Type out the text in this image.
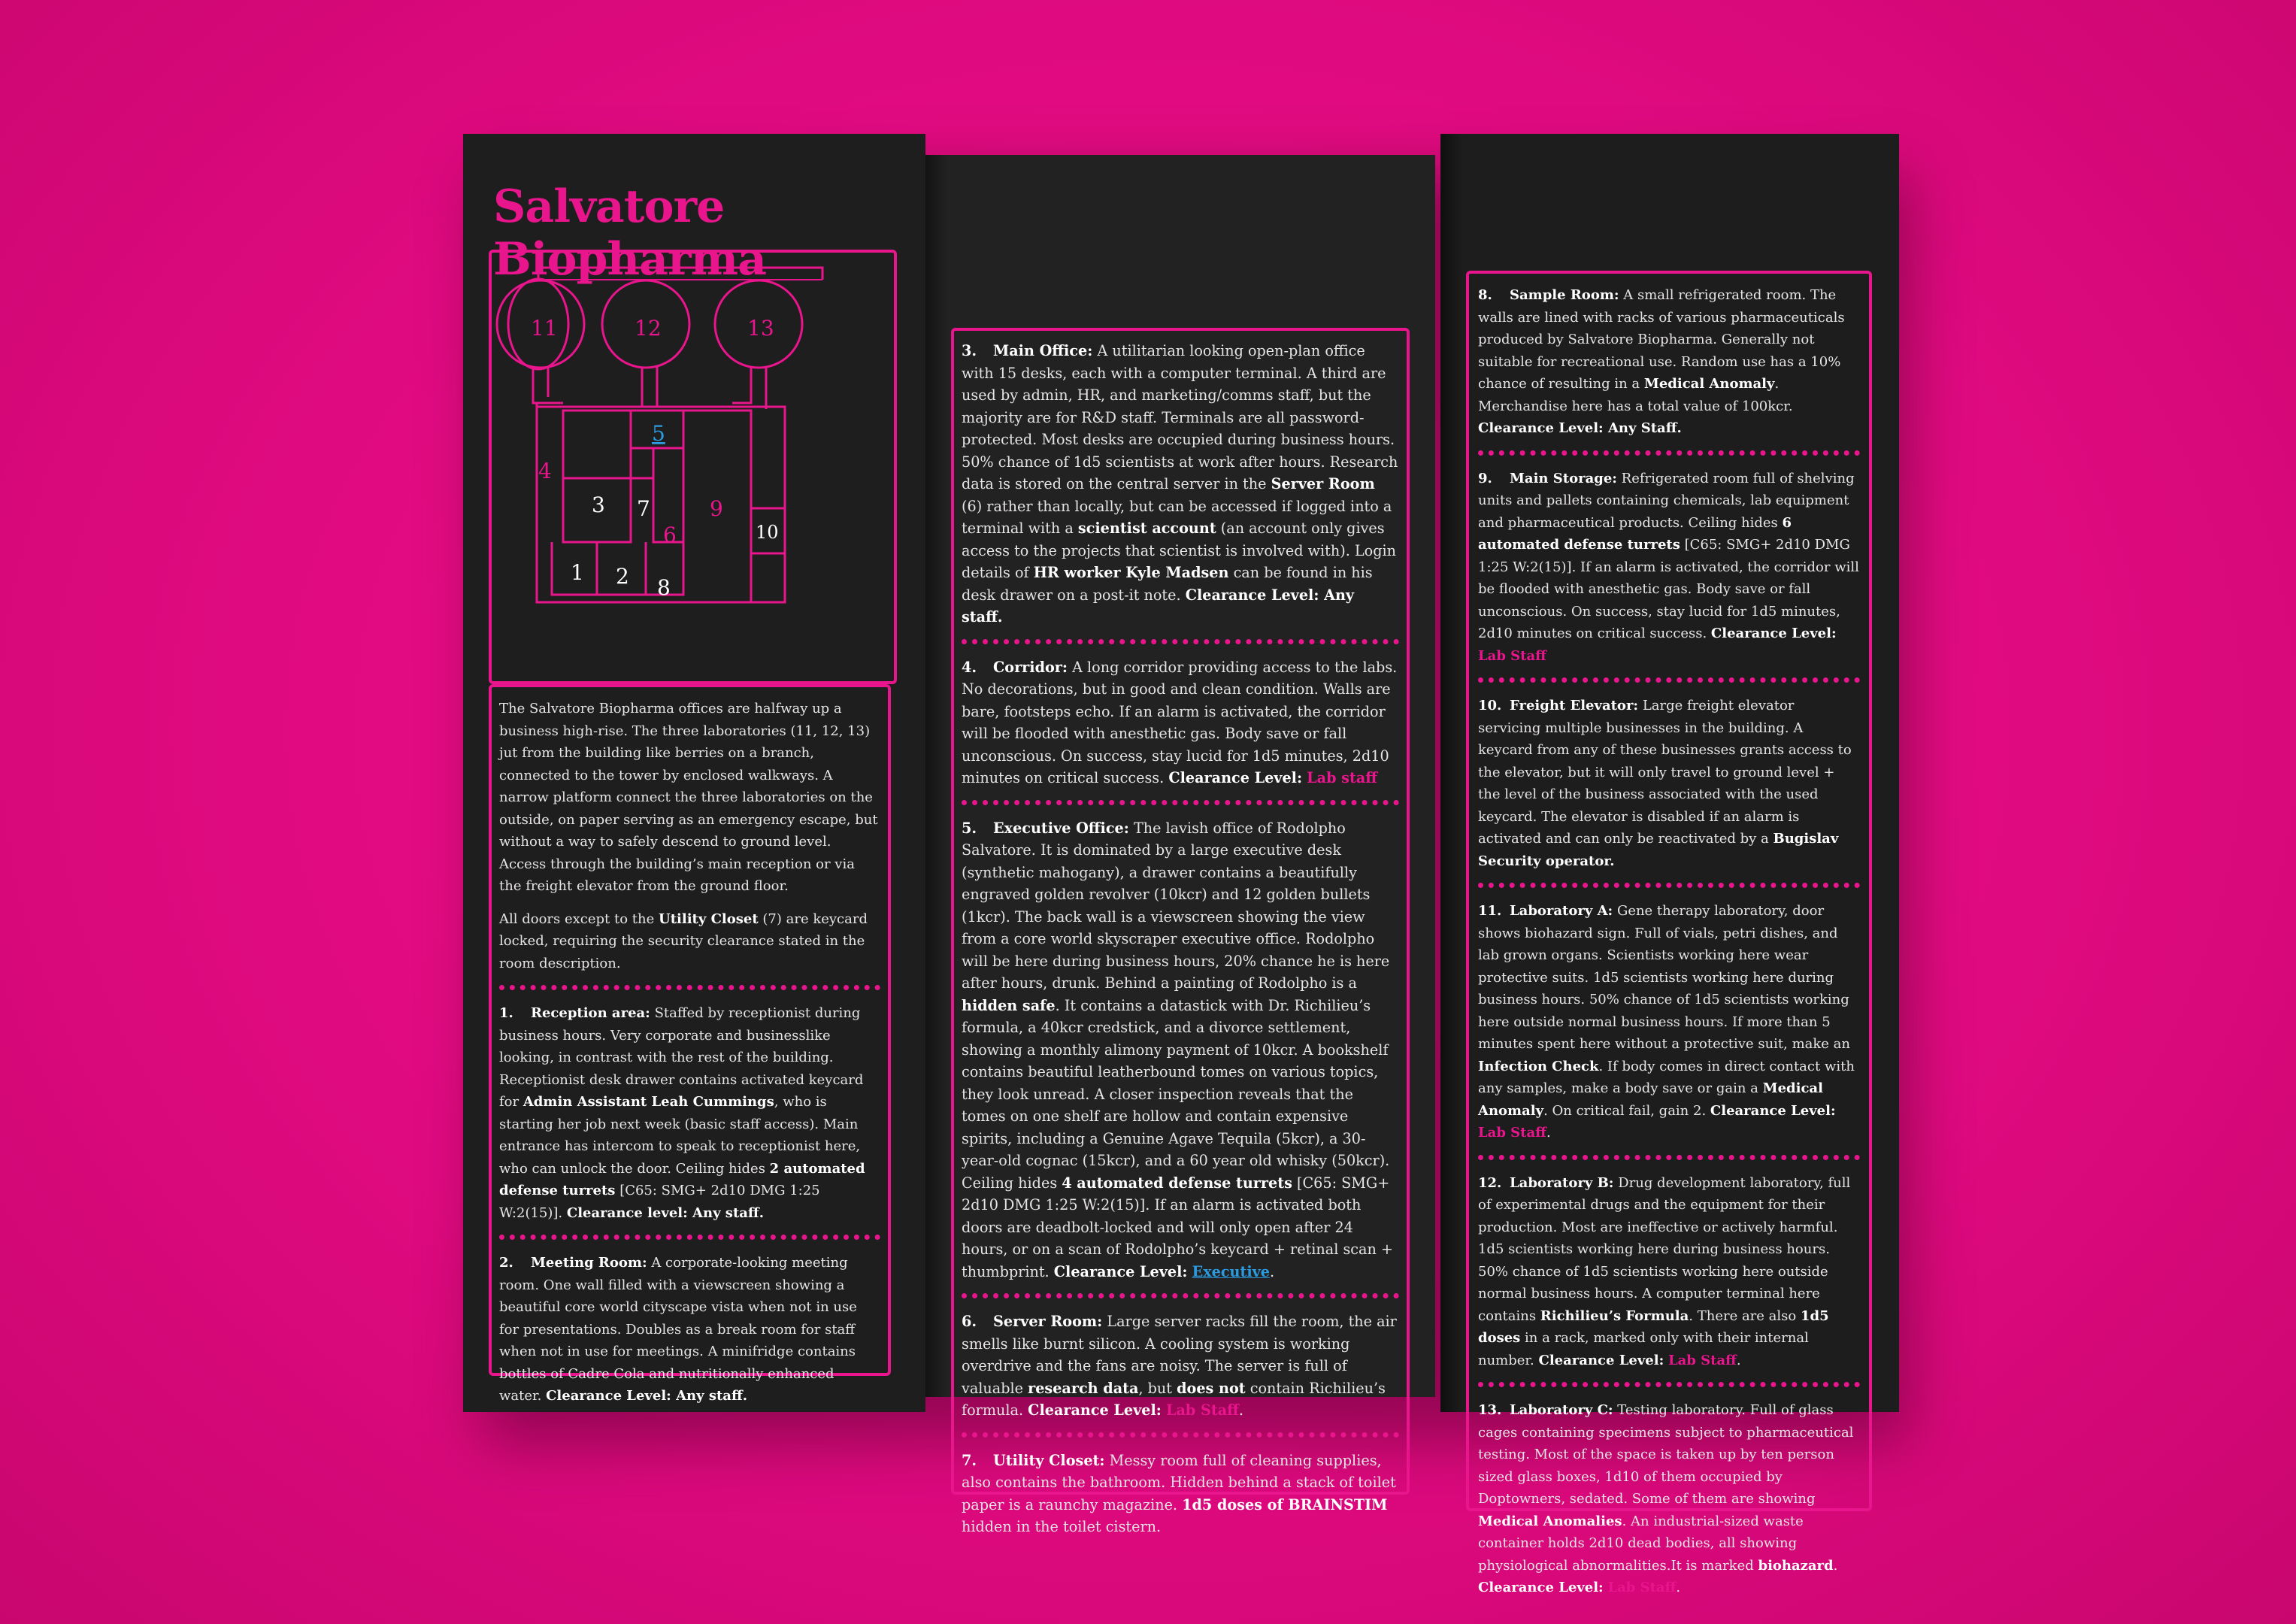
Salvatore Biopharma
11	12	13
4
9
6
3 7
1 2 8
10
5

The Salvatore Biopharma offices are halfway up a business high-rise. The three laboratories (11, 12, 13) jut from the building like berries on a branch, connected to the tower by enclosed walkways. A narrow platform connect the three laboratories on the outside, on paper serving as an emergency escape, but without a way to safely descend to ground level. Access through the building’s main reception or via the freight elevator from the ground floor.

All doors except to the Utility Closet (7) are keycard locked, requiring the security clearance stated in the room description.

1. Reception area: Staffed by receptionist during business hours. Very corporate and businesslike looking, in contrast with the rest of the building. Receptionist desk drawer contains activated keycard for Admin Assistant Leah Cummings, who is starting her job next week (basic staff access). Main entrance has intercom to speak to receptionist here, who can unlock the door. Ceiling hides 2 automated defense turrets [C65: SMG+ 2d10 DMG 1:25 W:2(15)]. Clearance level: Any staff.

2. Meeting Room: A corporate-looking meeting room. One wall filled with a viewscreen showing a beautiful core world cityscape vista when not in use for presentations. Doubles as a break room for staff when not in use for meetings. A minifridge contains bottles of Cadre Cola and nutritionally enhanced water. Clearance Level: Any staff.

3. Main Office: A utilitarian looking open-plan office with 15 desks, each with a computer terminal. A third are used by admin, HR, and marketing/comms staff, but the majority are for R&D staff. Terminals are all password-protected. Most desks are occupied during business hours. 50% chance of 1d5 scientists at work after hours. Research data is stored on the central server in the Server Room (6) rather than locally, but can be accessed if logged into a terminal with a scientist account (an account only gives access to the projects that scientist is involved with). Login details of HR worker Kyle Madsen can be found in his desk drawer on a post-it note. Clearance Level: Any staff.

4. Corridor: A long corridor providing access to the labs. No decorations, but in good and clean condition. Walls are bare, footsteps echo. If an alarm is activated, the corridor will be flooded with anesthetic gas. Body save or fall unconscious. On success, stay lucid for 1d5 minutes, 2d10 minutes on critical success. Clearance Level: Lab staff

5. Executive Office: The lavish office of Rodolpho Salvatore. It is dominated by a large executive desk (synthetic mahogany), a drawer contains a beautifully engraved golden revolver (10kcr) and 12 golden bullets (1kcr). The back wall is a viewscreen showing the view from a core world skyscraper executive office. Rodolpho will be here during business hours, 20% chance he is here after hours, drunk. Behind a painting of Rodolpho is a hidden safe. It contains a datastick with Dr. Richilieu’s formula, a 40kcr credstick, and a divorce settlement, showing a monthly alimony payment of 10kcr. A bookshelf contains beautiful leatherbound tomes on various topics, they look unread. A closer inspection reveals that the tomes on one shelf are hollow and contain expensive spirits, including a Genuine Agave Tequila (5kcr), a 30-year-old cognac (15kcr), and a 60 year old whisky (50kcr). Ceiling hides 4 automated defense turrets [C65: SMG+ 2d10 DMG 1:25 W:2(15)]. If an alarm is activated both doors are deadbolt-locked and will only open after 24 hours, or on a scan of Rodolpho’s keycard + retinal scan + thumbprint. Clearance Level: Executive.

6. Server Room: Large server racks fill the room, the air smells like burnt silicon. A cooling system is working overdrive and the fans are noisy. The server is full of valuable research data, but does not contain Richilieu’s formula. Clearance Level: Lab Staff.

7. Utility Closet: Messy room full of cleaning supplies, also contains the bathroom. Hidden behind a stack of toilet paper is a raunchy magazine. 1d5 doses of BRAINSTIM hidden in the toilet cistern.

8. Sample Room: A small refrigerated room. The walls are lined with racks of various pharmaceuticals produced by Salvatore Biopharma. Generally not suitable for recreational use. Random use has a 10% chance of resulting in a Medical Anomaly. Merchandise here has a total value of 100kcr. Clearance Level: Any Staff.

9. Main Storage: Refrigerated room full of shelving units and pallets containing chemicals, lab equipment and pharmaceutical products. Ceiling hides 6 automated defense turrets [C65: SMG+ 2d10 DMG 1:25 W:2(15)]. If an alarm is activated, the corridor will be flooded with anesthetic gas. Body save or fall unconscious. On success, stay lucid for 1d5 minutes, 2d10 minutes on critical success. Clearance Level: Lab Staff

10. Freight Elevator: Large freight elevator servicing multiple businesses in the building. A keycard from any of these businesses grants access to the elevator, but it will only travel to ground level + the level of the business associated with the used keycard. The elevator is disabled if an alarm is activated and can only be reactivated by a Bugislav Security operator.

11. Laboratory A: Gene therapy laboratory, door shows biohazard sign. Full of vials, petri dishes, and lab grown organs. Scientists working here wear protective suits. 1d5 scientists working here during business hours. 50% chance of 1d5 scientists working here outside normal business hours. If more than 5 minutes spent here without a protective suit, make an Infection Check. If body comes in direct contact with any samples, make a body save or gain a Medical Anomaly. On critical fail, gain 2. Clearance Level: Lab Staff.

12. Laboratory B: Drug development laboratory, full of experimental drugs and the equipment for their production. Most are ineffective or actively harmful. 1d5 scientists working here during business hours. 50% chance of 1d5 scientists working here outside normal business hours. A computer terminal here contains Richilieu’s Formula. There are also 1d5 doses in a rack, marked only with their internal number. Clearance Level: Lab Staff.

13. Laboratory C: Testing laboratory. Full of glass cages containing specimens subject to pharmaceutical testing. Most of the space is taken up by ten person sized glass boxes, 1d10 of them occupied by Doptowners, sedated. Some of them are showing Medical Anomalies. An industrial-sized waste container holds 2d10 dead bodies, all showing physiological abnormalities.It is marked biohazard. Clearance Level: Lab Staff.
